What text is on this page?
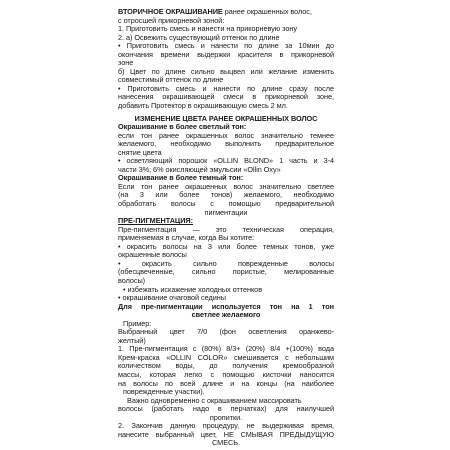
ВТОРИЧНОЕ ОКРАШИВАНИЕ ранее окрашенных волос,
с отросшей прикорневой зоной:
1. Приготовить смесь и нанести на прикорневую зону
2. а) Освежить существующий оттенок по длине
• Приготовить смесь и нанести по длине за 10мин до
окончания времени выдержки красителя в прикорневой
зоне
б) Цвет по длине сильно выцвел или желание изменить
совместимый оттенок по длине
• Приготовить смесь и нанести по длине сразу после
нанесения окрашивающей смеси в прикорневой зоне,
добавить Протектор в окрашивающую смесь 2 мл.
ИЗМЕНЕНИЕ ЦВЕТА РАНЕЕ ОКРАШЕННЫХ ВОЛОС
Окрашивание в более светлый тон:
если тон ранее окрашенных волос значительно темнее
желаемого, необходимо выполнить предварительное
снятие цвета
• осветляющий порошок «OLLIN BLOND» 1 часть и 3-4
части 3%; 6% окисляющей эмульсии «Ollin Oxy»
Окрашивание в более темный тон:
Если тон ранее окрашенных волос значительно светлее
(на 3 или более тонов) желаемого, необходимо
обработать волосы с помощью предварительной
пигментации
ПРЕ-ПИГМЕНТАЦИЯ:
Пре-пигментация — это техническая операция,
применяемая в случае, когда Вы хотите:
• окрасить волосы на 3 или более темных тонов, уже
окрашенные волосы
• окрасить сильно поврежденные волосы
(обесцвеченные, сильно пористые, мелированные
волосы)
• избежать искажение холодных оттенков
• окрашивание очаговой седины
Для пре-пигментации используется тон на 1 тон
светлее желаемого
Пример:
Выбранный цвет 7/0 (фон осветления оранжево-
желтый)
1. Пре-пигментация с (80%) 8/3+ (20%) 8/4 +(100%) вода
Крем-краска «OLLIN COLOR» смешивается с небольшим
количеством воды, до получения кремообразной
массы, которая легко с помощью кисточки наносится
на волосы по всей длине и на концы (на наиболее
поврежденные участки).
Важно одновременно с окрашиванием массировать
волосы (работать надо в перчатках) для наилучшей
пропитки.
2. Закончив данную процедуру, не выдерживая время,
нанесите выбранный цвет, НЕ СМЫВАЯ ПРЕДЫДУЩУЮ
СМЕСЬ.
